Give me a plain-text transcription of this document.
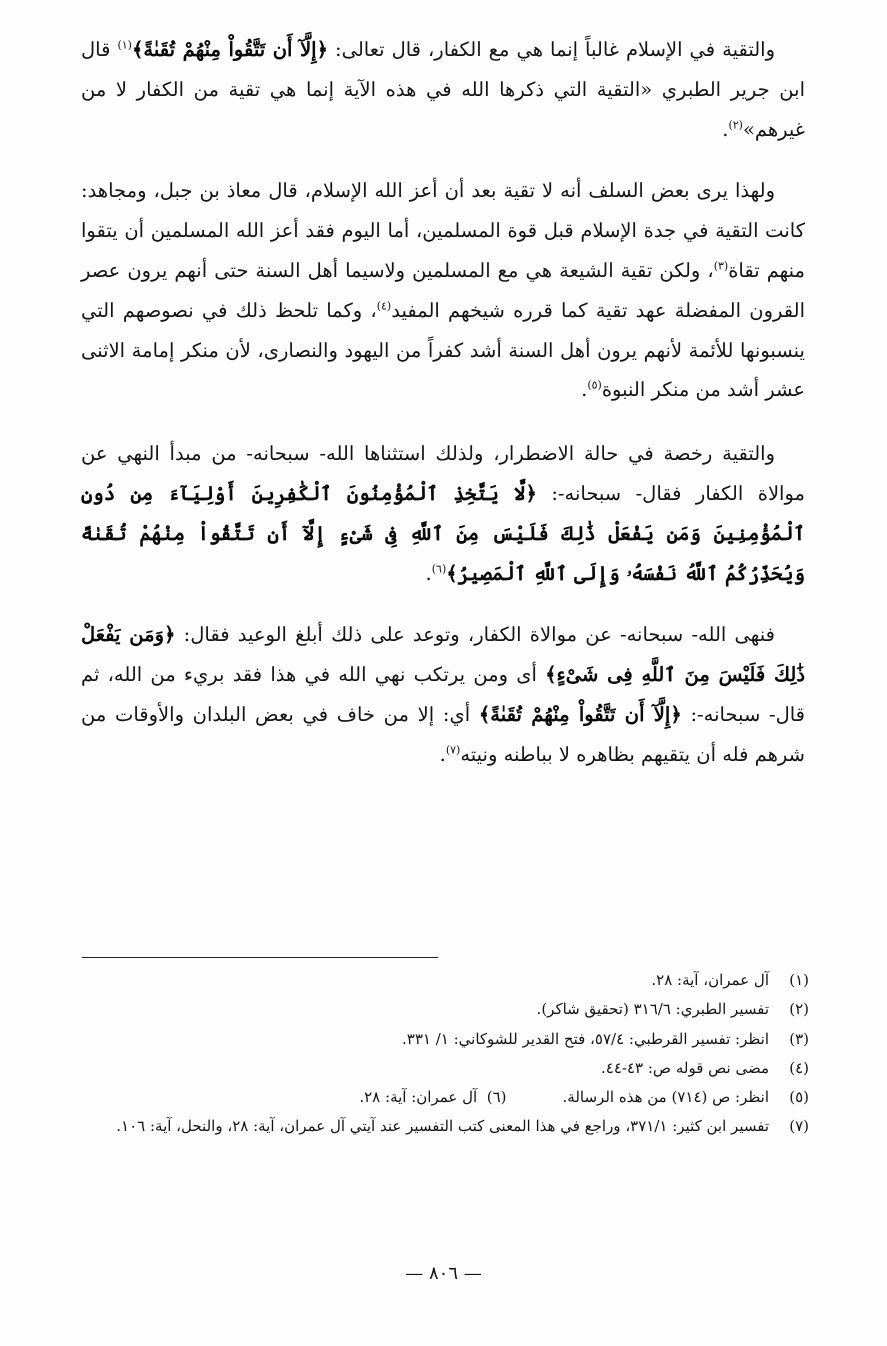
والتقية في الإسلام غالباً إنما هي مع الكفار، قال تعالى: ﴿إِلَّآ أَن تَتَّقُواْ مِنْهُمْ تُقَىٰةً﴾$^{(١)}$ قال ابن جرير الطبري «التقية التي ذكرها الله في هذه الآية إنما هي تقية من الكفار لا من غيرهم»$^{(٢)}$.

ولهذا يرى بعض السلف أنه لا تقية بعد أن أعز الله الإسلام، قال معاذ بن جبل، ومجاهد: كانت التقية في جدة الإسلام قبل قوة المسلمين، أما اليوم فقد أعز الله المسلمين أن يتقوا منهم تقاة$^{(٣)}$، ولكن تقية الشيعة هي مع المسلمين ولاسيما أهل السنة حتى أنهم يرون عصر القرون المفضلة عهد تقية كما قرره شيخهم المفيد$^{(٤)}$، وكما تلحظ ذلك في نصوصهم التي ينسبونها للأئمة لأنهم يرون أهل السنة أشد كفراً من اليهود والنصارى، لأن منكر إمامة الاثنى عشر أشد من منكر النبوة$^{(٥)}$.

والتقية رخصة في حالة الاضطرار، ولذلك استثناها الله- سبحانه- من مبدأ النهي عن موالاة الكفار فقال- سبحانه-: ﴿لَّا يَتَّخِذِ ٱلْمُؤْمِنُونَ ٱلْكَٰفِرِينَ أَوْلِيَآءَ مِن دُونِ ٱلْمُؤْمِنِينَ وَمَن يَفْعَلْ ذَٰلِكَ فَلَيْسَ مِنَ ٱللَّهِ فِى شَىْءٍ إِلَّآ أَن تَتَّقُواْ مِنْهُمْ تُقَىٰةً وَيُحَذِّرُكُمُ ٱللَّهُ نَفْسَهُۥ وَإِلَى ٱللَّهِ ٱلْمَصِيرُ﴾$^{(٦)}$.

فنهى الله- سبحانه- عن موالاة الكفار، وتوعد على ذلك أبلغ الوعيد فقال: ﴿وَمَن يَفْعَلْ ذَٰلِكَ فَلَيْسَ مِنَ ٱللَّهِ فِى شَىْءٍ﴾ أى ومن يرتكب نهي الله في هذا فقد بريء من الله، ثم قال- سبحانه-: ﴿إِلَّآ أَن تَتَّقُواْ مِنْهُمْ تُقَىٰةً﴾ أي: إلا من خاف في بعض البلدان والأوقات من شرهم فله أن يتقيهم بظاهره لا بباطنه ونيته$^{(٧)}$.

(١)
آل عمران، آية: ٢٨.
(٢)
تفسير الطبري: ٣١٦/٦ (تحقيق شاكر).
(٣)
انظر: تفسير القرطبي: ٥٧/٤، فتح القدير للشوكاني: ١/ ٣٣١.
(٤)
مضى نص قوله ص: ٤٣-٤٤.
(٥)
انظر: ص (٧١٤) من هذه الرسالة.
(٦)  آل عمران: آية: ٢٨.
(٧)
تفسير ابن كثير: ٣٧١/١، وراجع في هذا المعنى كتب التفسير عند آيتي آل عمران، آية: ٢٨، والنحل، آية: ١٠٦.
— ٨٠٦ —
